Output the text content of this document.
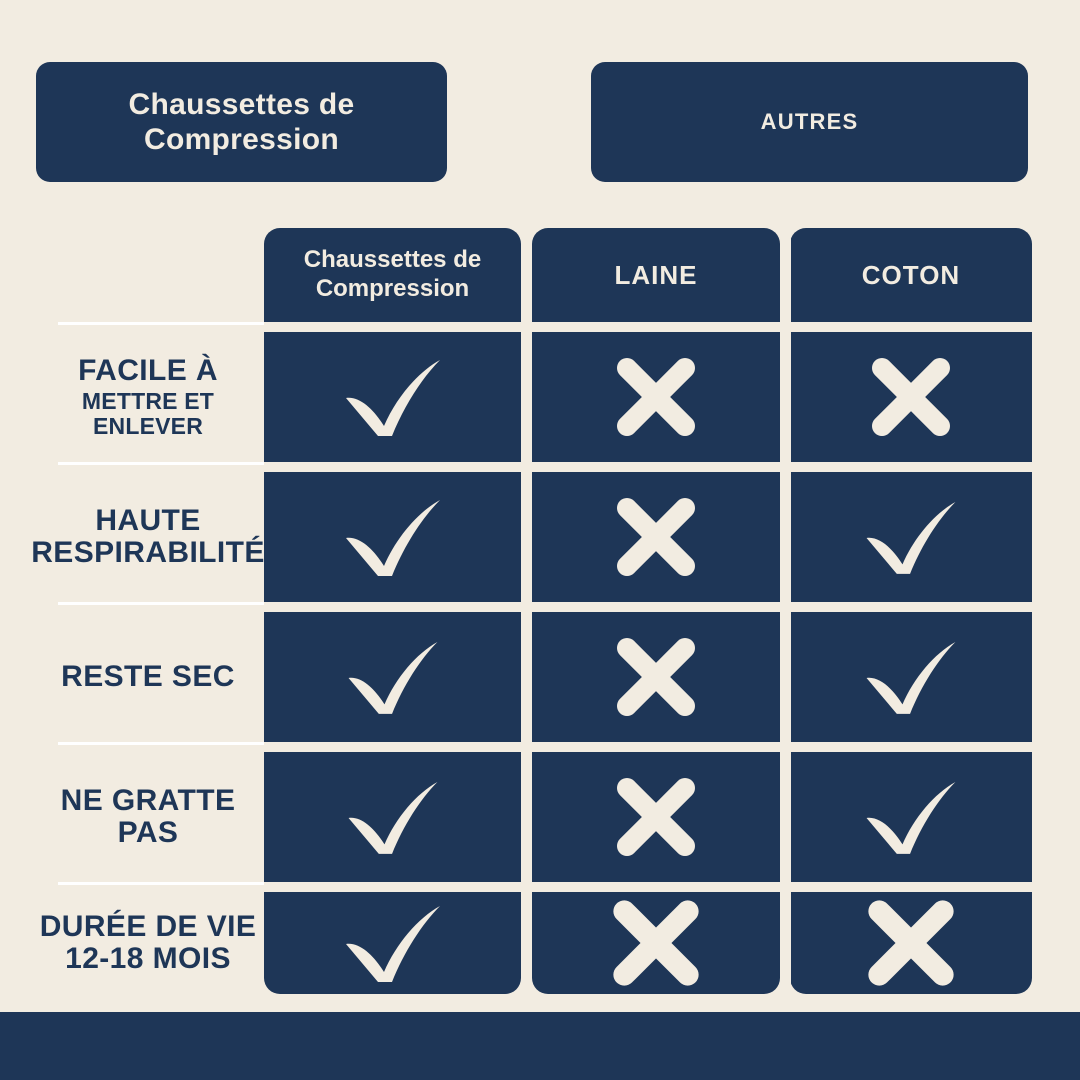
Chaussettes de Compression
AUTRES
Chaussettes de Compression	LAINE	COTON
FACILE À
METTRE ET ENLEVER
HAUTE
RESPIRABILITÉ
RESTE SEC
NE GRATTE PAS
DURÉE DE VIE
12-18 MOIS
